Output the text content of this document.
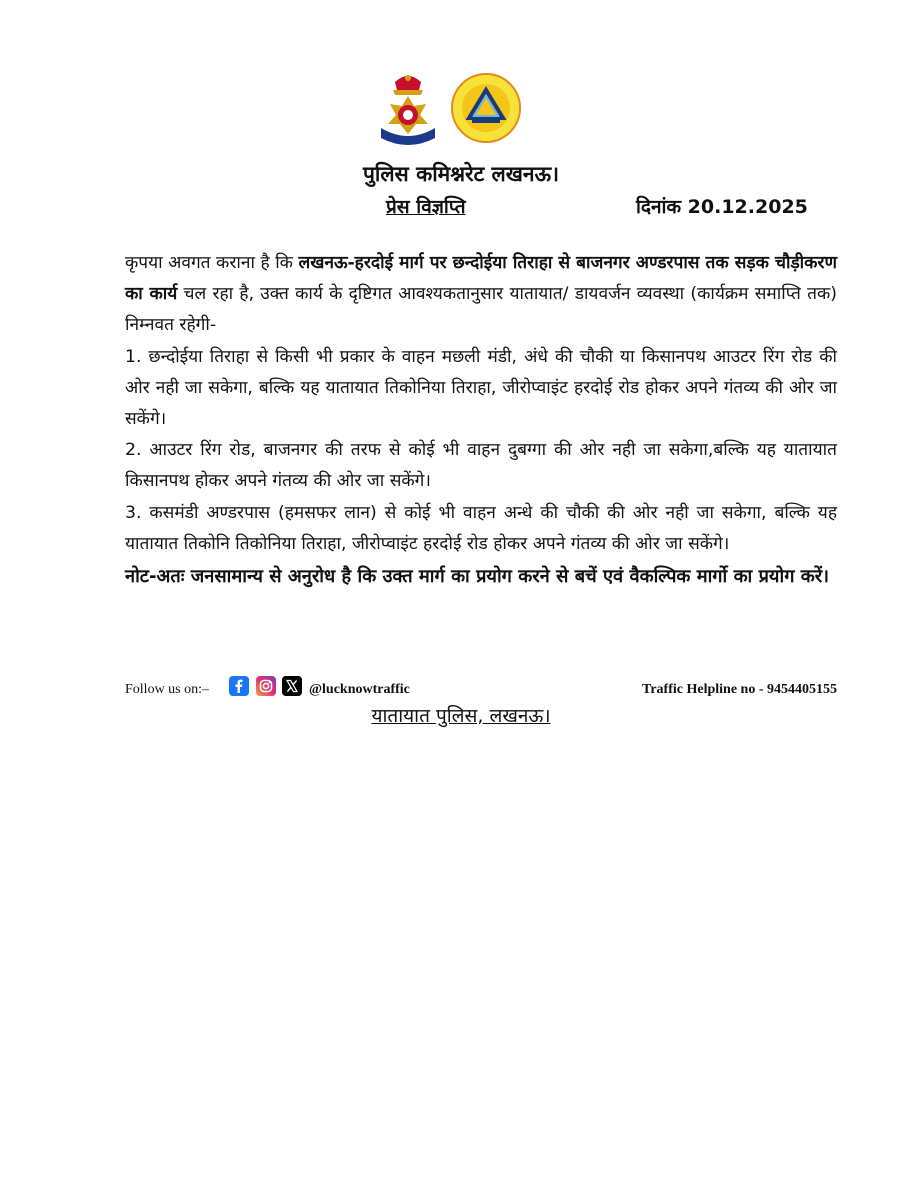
पुलिस कमिश्नरेट लखनऊ।
प्रेस विज्ञप्ति	दिनांक 20.12.2025

कृपया अवगत कराना है कि लखनऊ-हरदोई मार्ग पर छन्दोईया तिराहा से बाजनगर अण्डरपास तक सड़क चौड़ीकरण का कार्य चल रहा है, उक्त कार्य के दृष्टिगत आवश्यकतानुसार यातायात/ डायवर्जन व्यवस्था (कार्यक्रम समाप्ति तक) निम्नवत रहेगी-

1. छन्दोईया तिराहा से किसी भी प्रकार के वाहन मछली मंडी, अंधे की चौकी या किसानपथ आउटर रिंग रोड की ओर नही जा सकेगा, बल्कि यह यातायात तिकोनिया तिराहा, जीरोप्वाइंट हरदोई रोड होकर अपने गंतव्य की ओर जा सकेंगे।

2. आउटर रिंग रोड, बाजनगर की तरफ से कोई भी वाहन दुबग्गा की ओर नही जा सकेगा,बल्कि यह यातायात किसानपथ होकर अपने गंतव्य की ओर जा सकेंगे।

3. कसमंडी अण्डरपास (हमसफर लान) से कोई भी वाहन अन्धे की चौकी की ओर नही जा सकेगा, बल्कि यह यातायात तिकोनि तिकोनिया तिराहा, जीरोप्वाइंट हरदोई रोड होकर अपने गंतव्य की ओर जा सकेंगे।

नोट-अतः जनसामान्य से अनुरोध है कि उक्त मार्ग का प्रयोग करने से बचें एवं वैकल्पिक मार्गो का प्रयोग करें।

Follow us on:–	@lucknowtraffic	Traffic Helpline no - 9454405155
यातायात पुलिस, लखनऊ।
